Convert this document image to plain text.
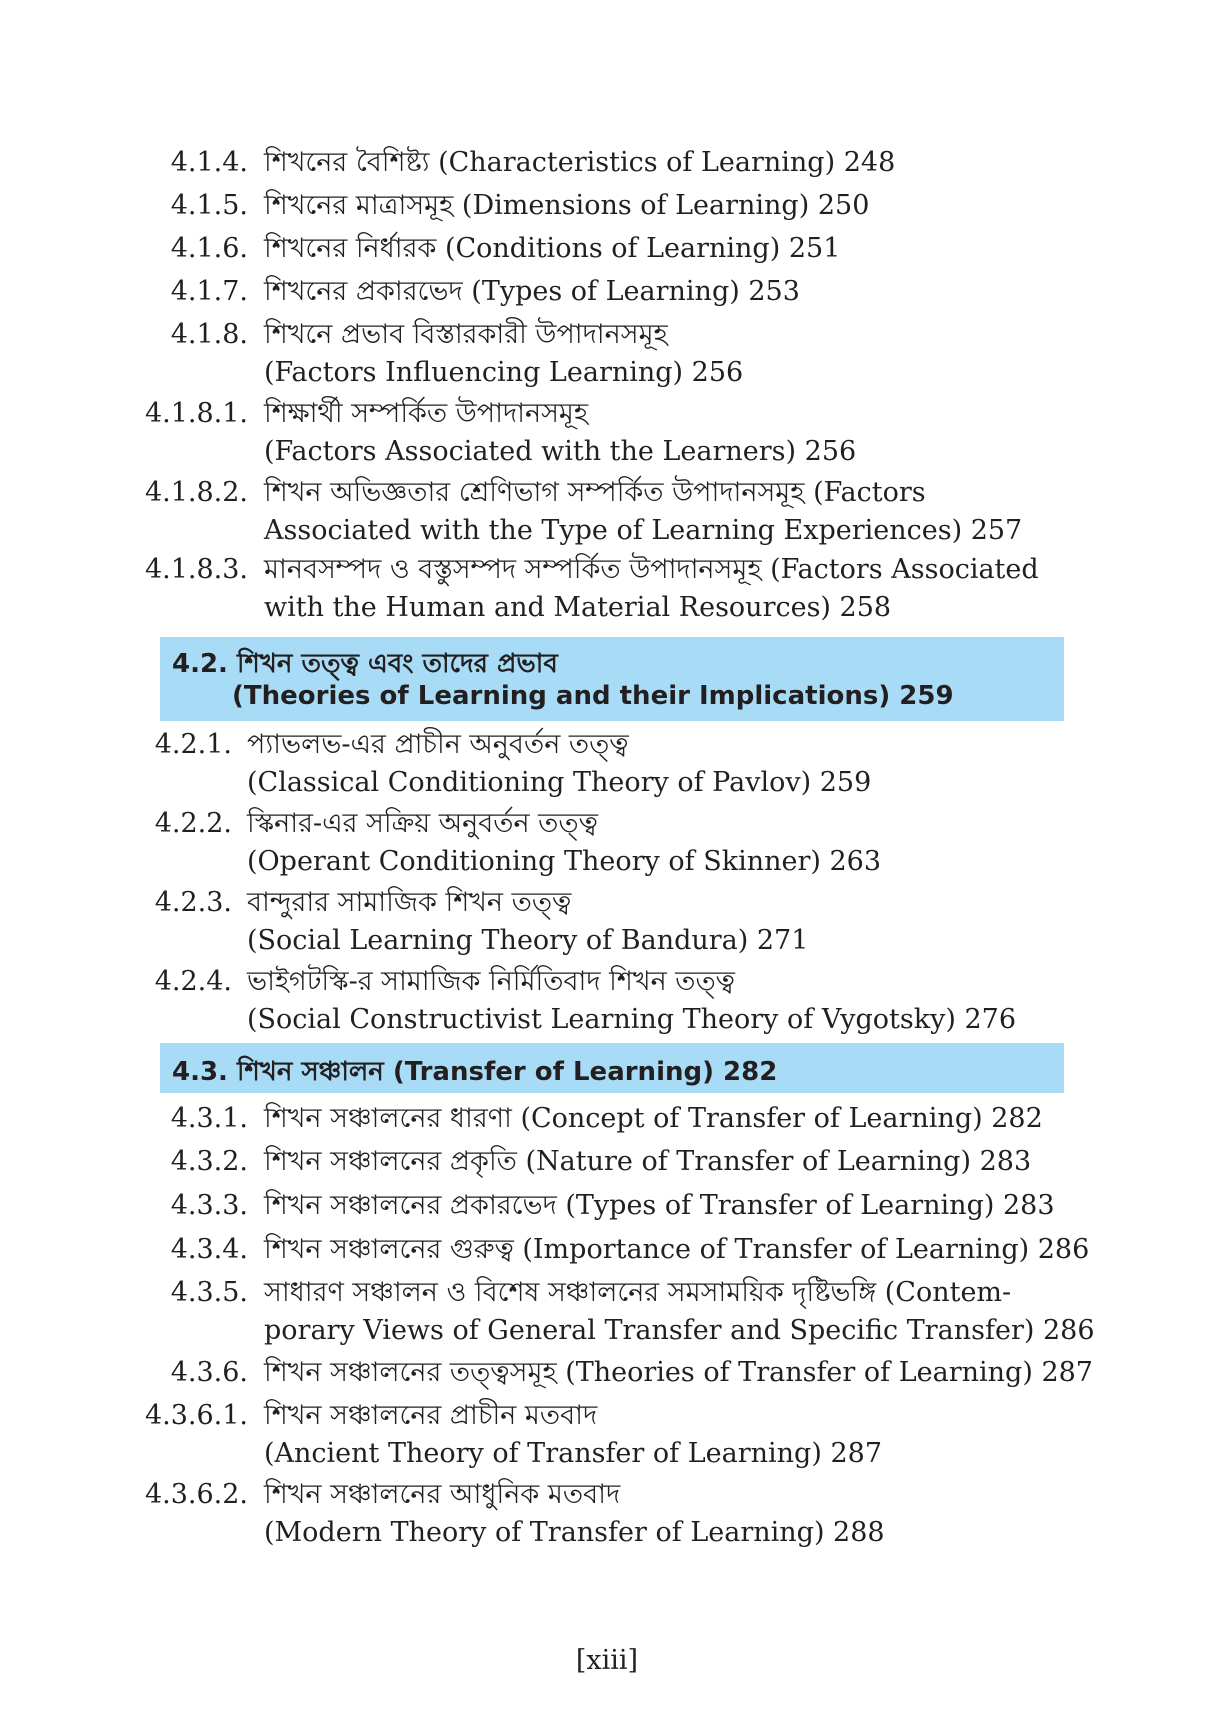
4.1.4. শিখনের বৈশিষ্ট্য (Characteristics of Learning) 248
4.1.5. শিখনের মাত্রাসমূহ (Dimensions of Learning) 250
4.1.6. শিখনের নির্ধারক (Conditions of Learning) 251
4.1.7. শিখনের প্রকারভেদ (Types of Learning) 253
4.1.8. শিখনে প্রভাব বিস্তারকারী উপাদানসমূহ
(Factors Influencing Learning) 256
4.1.8.1. শিক্ষার্থী সম্পর্কিত উপাদানসমূহ
(Factors Associated with the Learners) 256
4.1.8.2. শিখন অভিজ্ঞতার শ্রেণিভাগ সম্পর্কিত উপাদানসমূহ (Factors
Associated with the Type of Learning Experiences) 257
4.1.8.3. মানবসম্পদ ও বস্তুসম্পদ সম্পর্কিত উপাদানসমূহ (Factors Associated
with the Human and Material Resources) 258
4.2. শিখন তত্ত্ব এবং তাদের প্রভাব
(Theories of Learning and their Implications) 259
4.2.1. প্যাভলভ-এর প্রাচীন অনুবর্তন তত্ত্ব
(Classical Conditioning Theory of Pavlov) 259
4.2.2. স্কিনার-এর সক্রিয় অনুবর্তন তত্ত্ব
(Operant Conditioning Theory of Skinner) 263
4.2.3. বান্দুরার সামাজিক শিখন তত্ত্ব
(Social Learning Theory of Bandura) 271
4.2.4. ভাইগটস্কি-র সামাজিক নির্মিতিবাদ শিখন তত্ত্ব
(Social Constructivist Learning Theory of Vygotsky) 276
4.3. শিখন সঞ্চালন (Transfer of Learning) 282
4.3.1. শিখন সঞ্চালনের ধারণা (Concept of Transfer of Learning) 282
4.3.2. শিখন সঞ্চালনের প্রকৃতি (Nature of Transfer of Learning) 283
4.3.3. শিখন সঞ্চালনের প্রকারভেদ (Types of Transfer of Learning) 283
4.3.4. শিখন সঞ্চালনের গুরুত্ব (Importance of Transfer of Learning) 286
4.3.5. সাধারণ সঞ্চালন ও বিশেষ সঞ্চালনের সমসাময়িক দৃষ্টিভঙ্গি (Contem-
porary Views of General Transfer and Specific Transfer) 286
4.3.6. শিখন সঞ্চালনের তত্ত্বসমূহ (Theories of Transfer of Learning) 287
4.3.6.1. শিখন সঞ্চালনের প্রাচীন মতবাদ
(Ancient Theory of Transfer of Learning) 287
4.3.6.2. শিখন সঞ্চালনের আধুনিক মতবাদ
(Modern Theory of Transfer of Learning) 288
[xiii]
